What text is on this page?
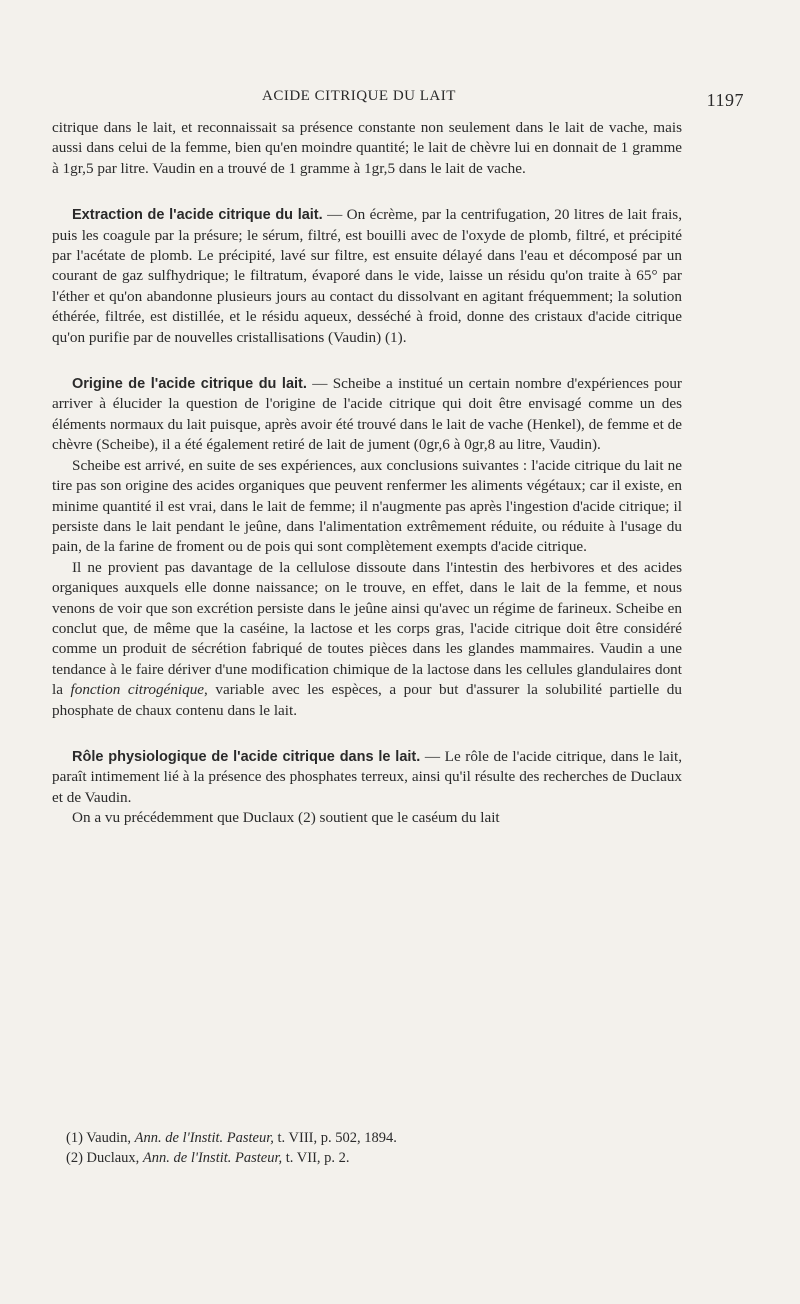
ACIDE CITRIQUE DU LAIT	1197

citrique dans le lait, et reconnaissait sa présence constante non seulement dans le lait de vache, mais aussi dans celui de la femme, bien qu'en moindre quantité; le lait de chèvre lui en donnait de 1 gramme à 1gr,5 par litre. Vaudin en a trouvé de 1 gramme à 1gr,5 dans le lait de vache.

Extraction de l'acide citrique du lait. — On écrème, par la centrifugation, 20 litres de lait frais, puis les coagule par la présure; le sérum, filtré, est bouilli avec de l'oxyde de plomb, filtré, et précipité par l'acétate de plomb. Le précipité, lavé sur filtre, est ensuite délayé dans l'eau et décomposé par un courant de gaz sulfhydrique; le filtratum, évaporé dans le vide, laisse un résidu qu'on traite à 65° par l'éther et qu'on abandonne plusieurs jours au contact du dissolvant en agitant fréquemment; la solution éthérée, filtrée, est distillée, et le résidu aqueux, desséché à froid, donne des cristaux d'acide citrique qu'on purifie par de nouvelles cristallisations (Vaudin) (1).

Origine de l'acide citrique du lait. — Scheibe a institué un certain nombre d'expériences pour arriver à élucider la question de l'origine de l'acide citrique qui doit être envisagé comme un des éléments normaux du lait puisque, après avoir été trouvé dans le lait de vache (Henkel), de femme et de chèvre (Scheibe), il a été également retiré de lait de jument (0gr,6 à 0gr,8 au litre, Vaudin).

Scheibe est arrivé, en suite de ses expériences, aux conclusions suivantes : l'acide citrique du lait ne tire pas son origine des acides organiques que peuvent renfermer les aliments végétaux; car il existe, en minime quantité il est vrai, dans le lait de femme; il n'augmente pas après l'ingestion d'acide citrique; il persiste dans le lait pendant le jeûne, dans l'alimentation extrêmement réduite, ou réduite à l'usage du pain, de la farine de froment ou de pois qui sont complètement exempts d'acide citrique.

Il ne provient pas davantage de la cellulose dissoute dans l'intestin des herbivores et des acides organiques auxquels elle donne naissance; on le trouve, en effet, dans le lait de la femme, et nous venons de voir que son excrétion persiste dans le jeûne ainsi qu'avec un régime de farineux. Scheibe en conclut que, de même que la caséine, la lactose et les corps gras, l'acide citrique doit être considéré comme un produit de sécrétion fabriqué de toutes pièces dans les glandes mammaires. Vaudin a une tendance à le faire dériver d'une modification chimique de la lactose dans les cellules glandulaires dont la fonction citrogénique, variable avec les espèces, a pour but d'assurer la solubilité partielle du phosphate de chaux contenu dans le lait.

Rôle physiologique de l'acide citrique dans le lait. — Le rôle de l'acide citrique, dans le lait, paraît intimement lié à la présence des phosphates terreux, ainsi qu'il résulte des recherches de Duclaux et de Vaudin.

On a vu précédemment que Duclaux (2) soutient que le caséum du lait

(1) Vaudin, Ann. de l'Instit. Pasteur, t. VIII, p. 502, 1894.

(2) Duclaux, Ann. de l'Instit. Pasteur, t. VII, p. 2.
